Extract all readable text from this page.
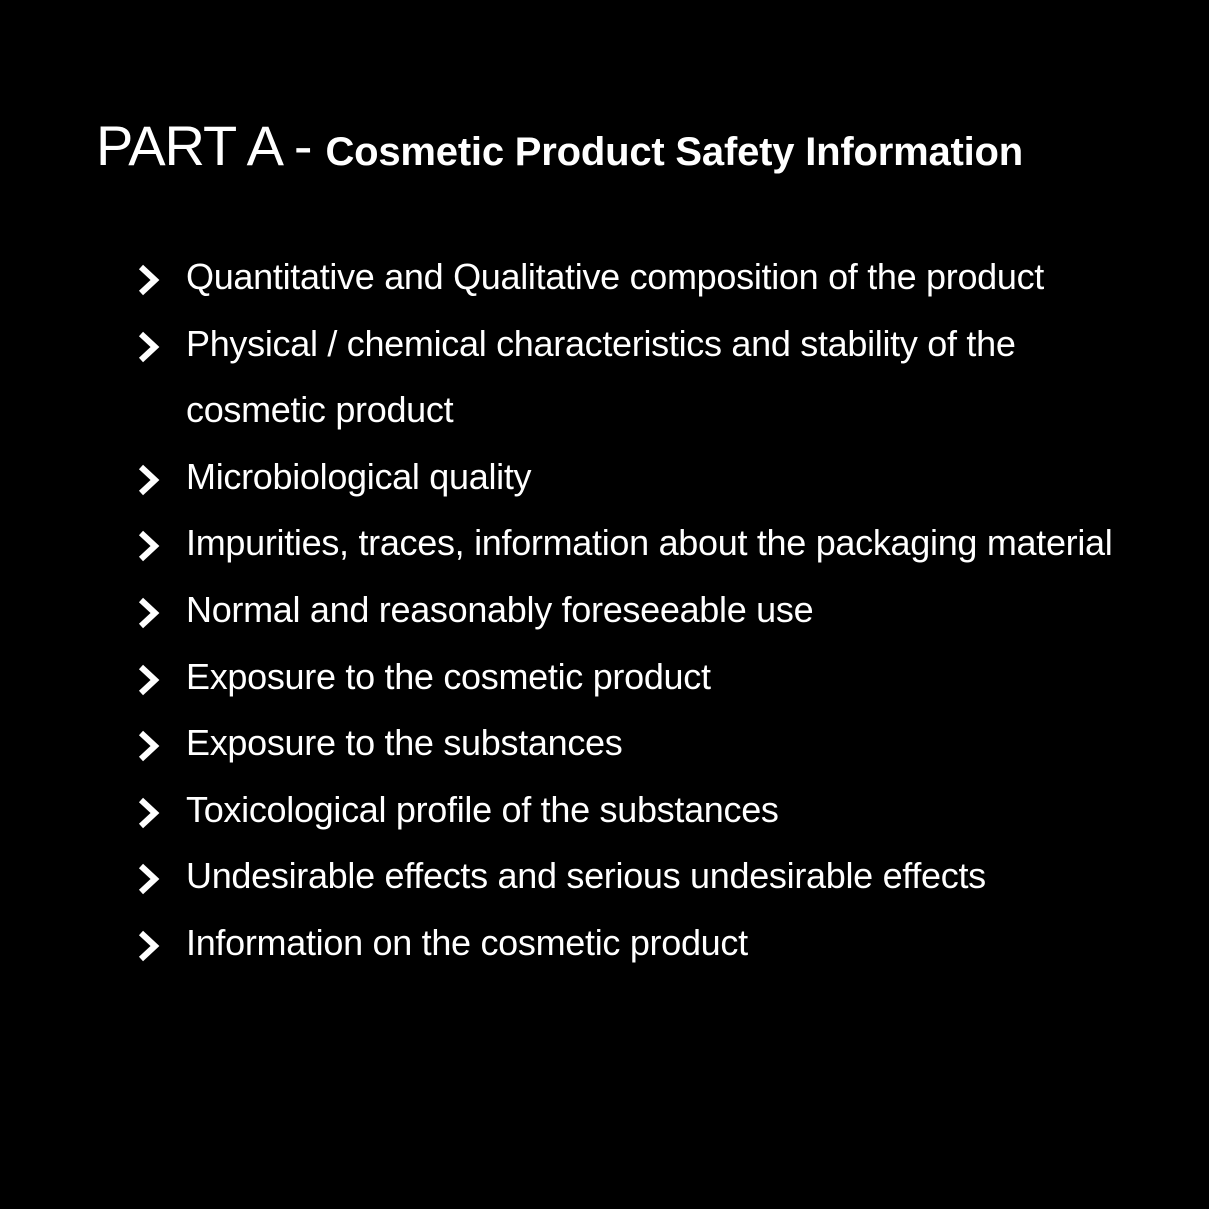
PART A - Cosmetic Product Safety Information
Quantitative and Qualitative composition of the product
Physical / chemical characteristics and stability of the cosmetic product
Microbiological quality
Impurities, traces, information about the packaging material
Normal and reasonably foreseeable use
Exposure to the cosmetic product
Exposure to the substances
Toxicological profile of the substances
Undesirable effects and serious undesirable effects
Information on the cosmetic product
